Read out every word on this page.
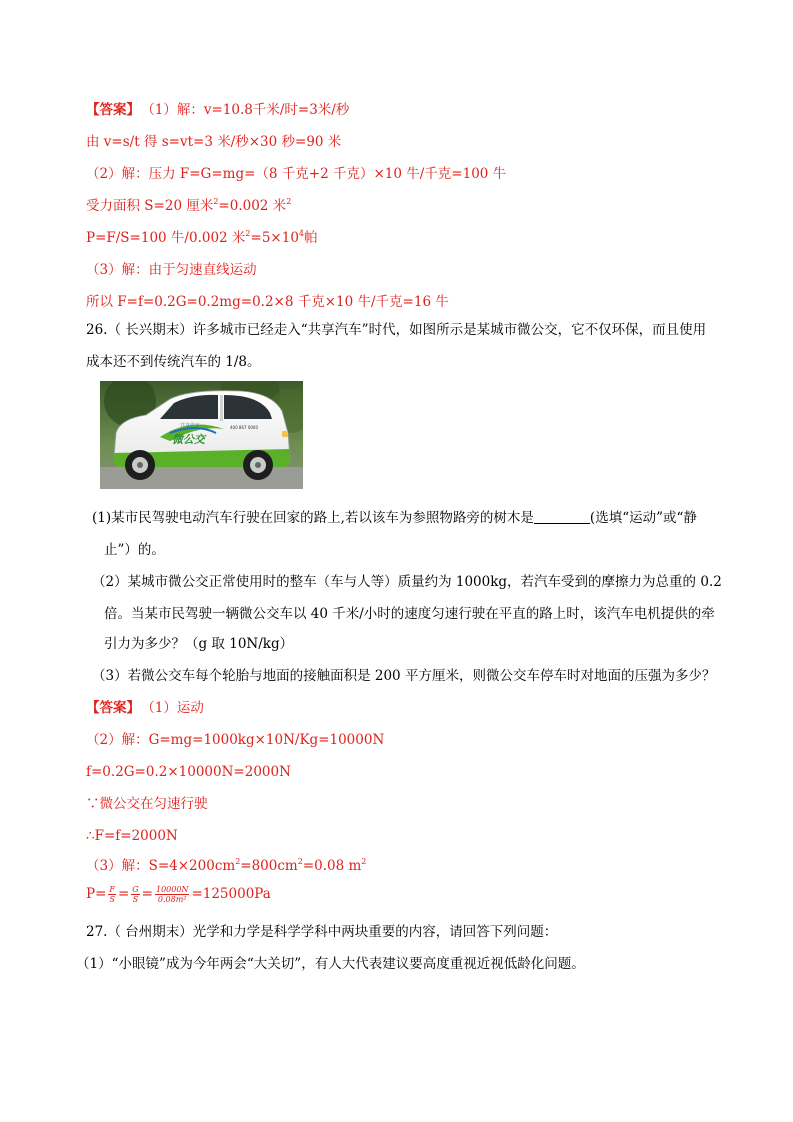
【答案】 （1）解：v=10.8千米/时=3米/秒
由 v=s/t 得 s=vt=3 米/秒×30 秒=90 米
（2）解：压力 F=G=mg=（8 千克+2 千克）×10 牛/千克=100 牛
受力面积 S=20 厘米$^2$=0.002 米$^2$
P=F/S=100 牛/0.002 米$^2=5\times 10^4$帕
（3）解：由于匀速直线运动
所以 F=f=0.2G=0.2mg=0.2×8 千克×10 牛/千克=16 牛
26.（ 长兴期末）许多城市已经走入“共享汽车”时代，如图所示是某城市微公交，它不仅环保，而且使用
成本还不到传统汽车的 1/8。
微公交
共享汽车	400 867 0000
(1)某市民驾驶电动汽车行驶在回家的路上,若以该车为参照物路旁的树木是	(选填“运动”或“静
止”）的。
（2）某城市微公交正常使用时的整车（车与人等）质量约为 1000kg，若汽车受到的摩擦力为总重的 0.2
倍。当某市民驾驶一辆微公交车以 40 千米/小时的速度匀速行驶在平直的路上时，该汽车电机提供的牵
引力为多少？（g 取 10N/kg）
（3）若微公交车每个轮胎与地面的接触面积是 200 平方厘米，则微公交车停车时对地面的压强为多少？
【答案】 （1）运动
（2）解：G=mg=1000kg×10N/Kg=10000N
f=0.2G=0.2×10000N=2000N
∵微公交在匀速行驶
∴F=f=2000N
（3）解：$S=4\times 200cm^2=800cm^2=0.08$ $m^2$
$P= \frac{F}{S} = \frac{G}{S} = \frac{10000N}{\text{0.08m²}} =125000Pa$
27.（ 台州期末）光学和力学是科学学科中两块重要的内容，请回答下列问题：
（1）“小眼镜”成为今年两会“大关切”，有人大代表建议要高度重视近视低龄化问题。
